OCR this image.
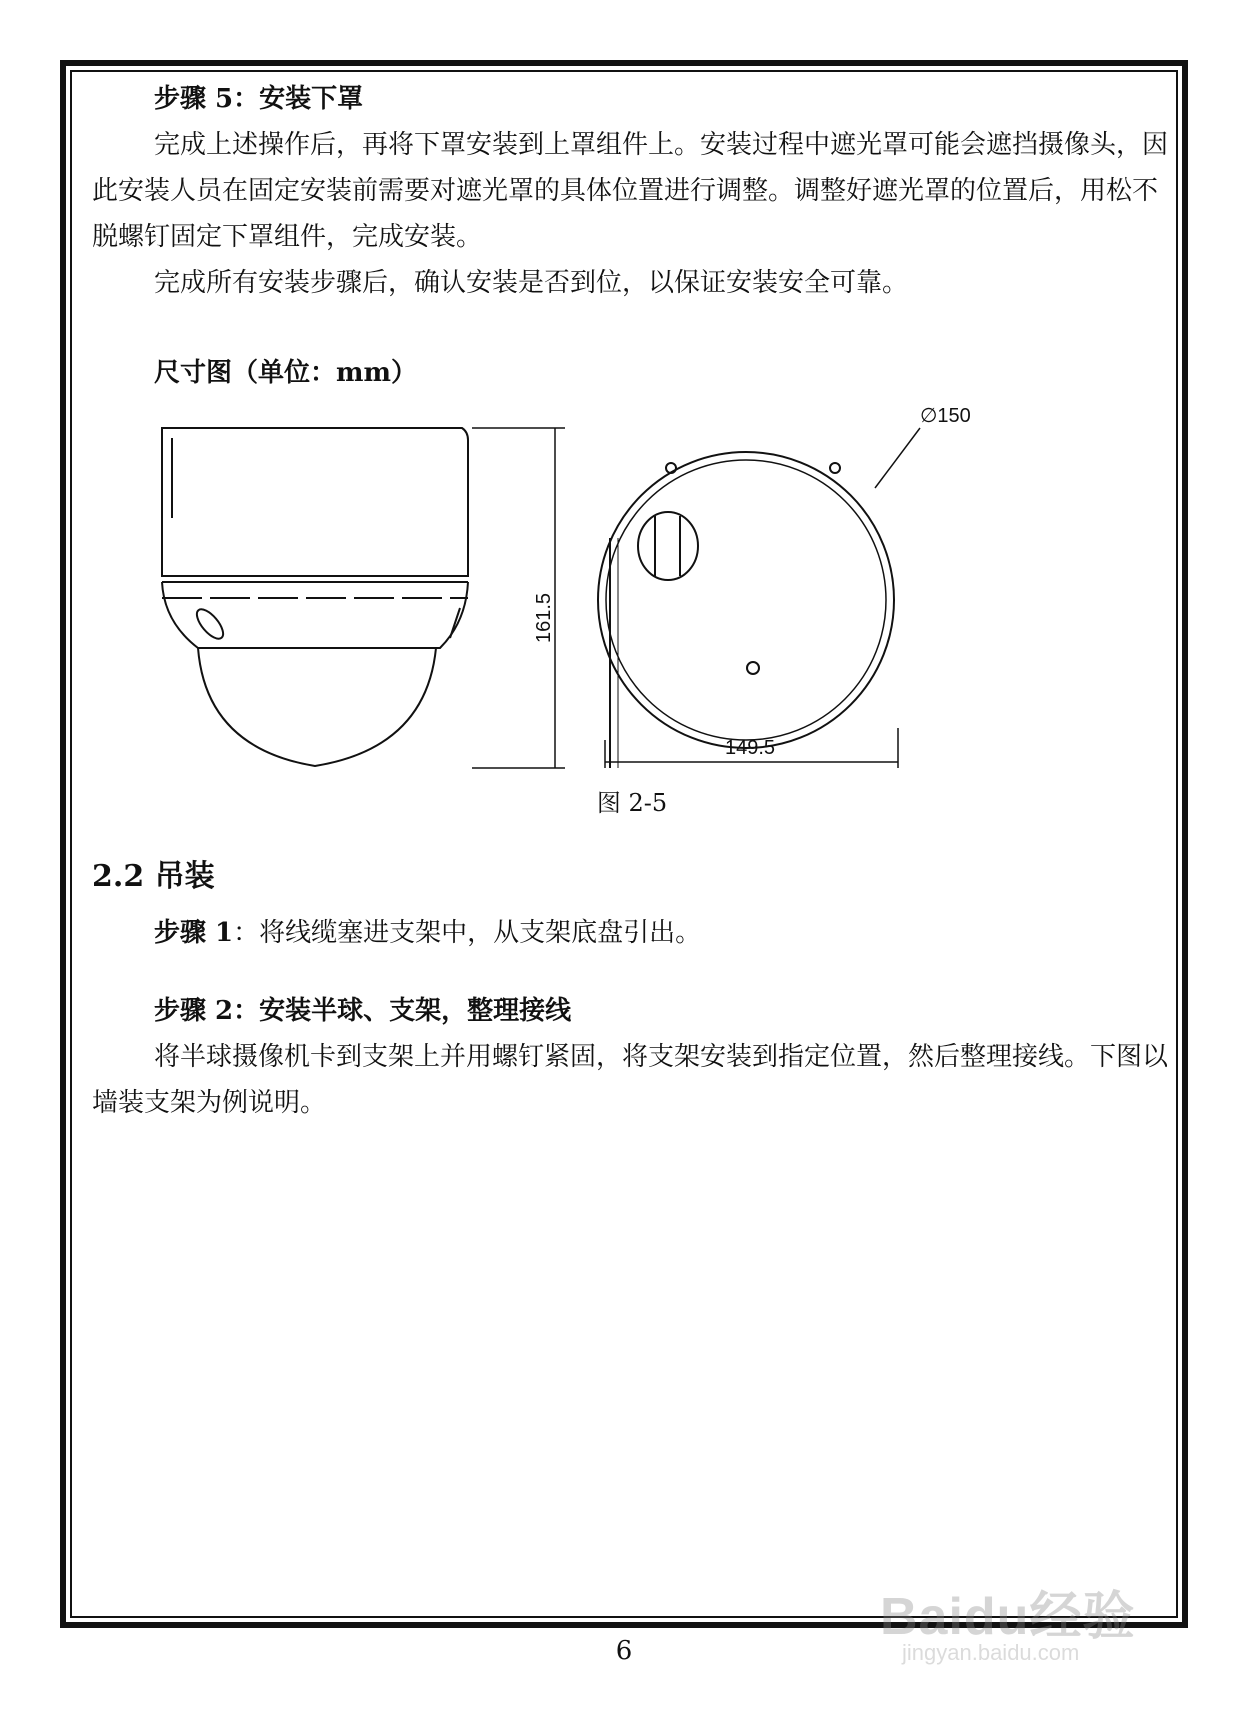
步骤 5：安装下罩

完成上述操作后，再将下罩安装到上罩组件上。安装过程中遮光罩可能会遮挡摄像头，因此安装人员在固定安装前需要对遮光罩的具体位置进行调整。调整好遮光罩的位置后，用松不脱螺钉固定下罩组件，完成安装。

完成所有安装步骤后，确认安装是否到位，以保证安装安全可靠。

尺寸图（单位：mm）
161.5
149.5
∅150
图 2-5

2.2 吊装

步骤 1：将线缆塞进支架中，从支架底盘引出。
步骤 2：安装半球、支架，整理接线

将半球摄像机卡到支架上并用螺钉紧固，将支架安装到指定位置，然后整理接线。下图以墙装支架为例说明。

6
Baidu经验
jingyan.baidu.com
